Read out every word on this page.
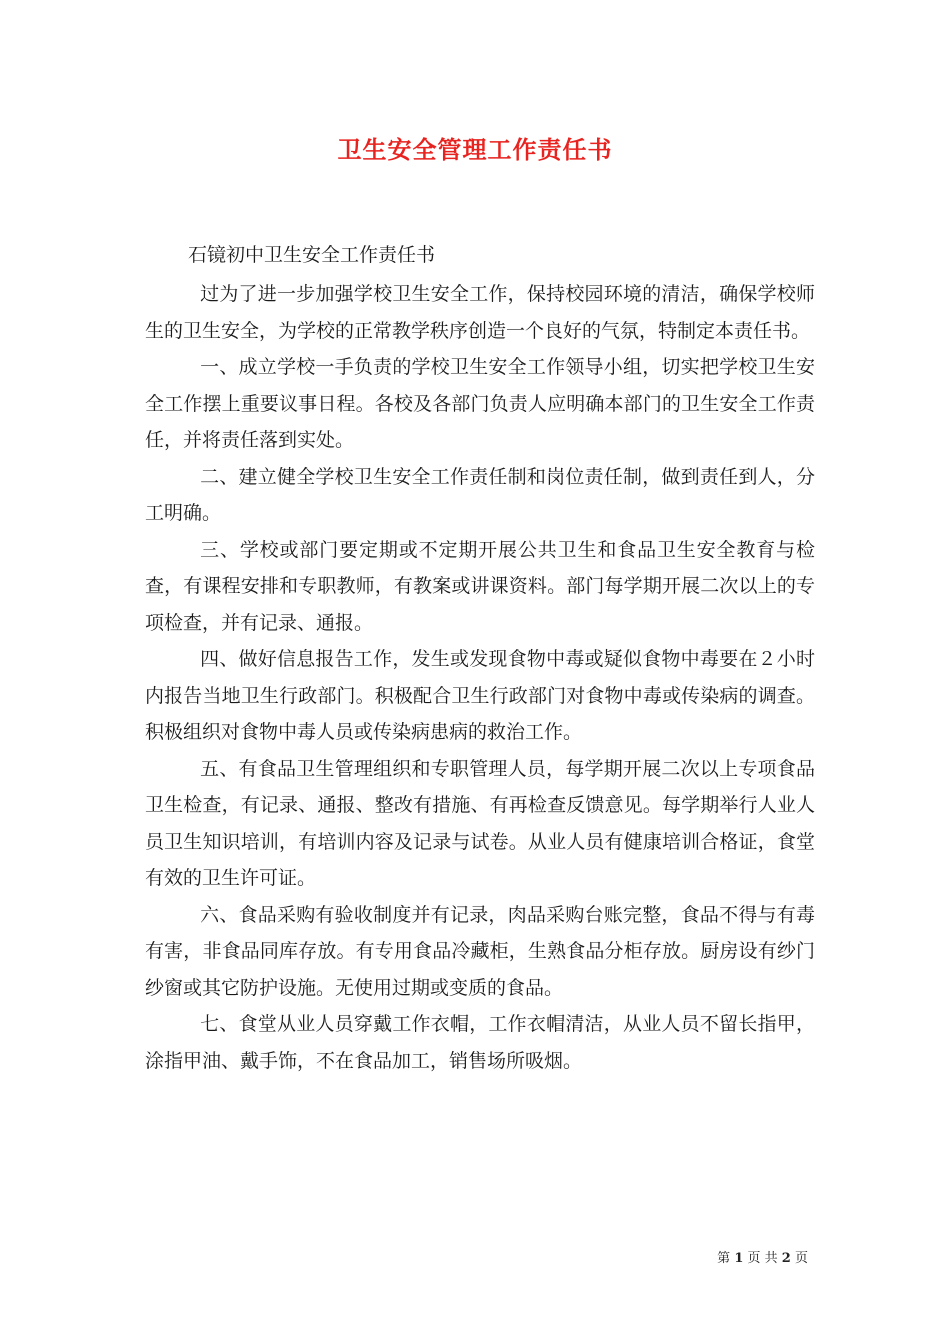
卫生安全管理工作责任书
石镜初中卫生安全工作责任书

过为了进一步加强学校卫生安全工作，保持校园环境的清洁，确保学校师生的卫生安全，为学校的正常教学秩序创造一个良好的气氛，特制定本责任书。

一、成立学校一手负责的学校卫生安全工作领导小组，切实把学校卫生安全工作摆上重要议事日程。各校及各部门负责人应明确本部门的卫生安全工作责任，并将责任落到实处。

二、建立健全学校卫生安全工作责任制和岗位责任制，做到责任到人，分工明确。

三、学校或部门要定期或不定期开展公共卫生和食品卫生安全教育与检查，有课程安排和专职教师，有教案或讲课资料。部门每学期开展二次以上的专项检查，并有记录、通报。

四、做好信息报告工作，发生或发现食物中毒或疑似食物中毒要在２小时内报告当地卫生行政部门。积极配合卫生行政部门对食物中毒或传染病的调查。积极组织对食物中毒人员或传染病患病的救治工作。

五、有食品卫生管理组织和专职管理人员，每学期开展二次以上专项食品卫生检查，有记录、通报、整改有措施、有再检查反馈意见。每学期举行人业人员卫生知识培训，有培训内容及记录与试卷。从业人员有健康培训合格证，食堂有效的卫生许可证。

六、食品采购有验收制度并有记录，肉品采购台账完整，食品不得与有毒有害，非食品同库存放。有专用食品冷藏柜，生熟食品分柜存放。厨房设有纱门纱窗或其它防护设施。无使用过期或变质的食品。

七、食堂从业人员穿戴工作衣帽，工作衣帽清洁，从业人员不留长指甲，涂指甲油、戴手饰，不在食品加工，销售场所吸烟。

第 1 页 共 2 页
